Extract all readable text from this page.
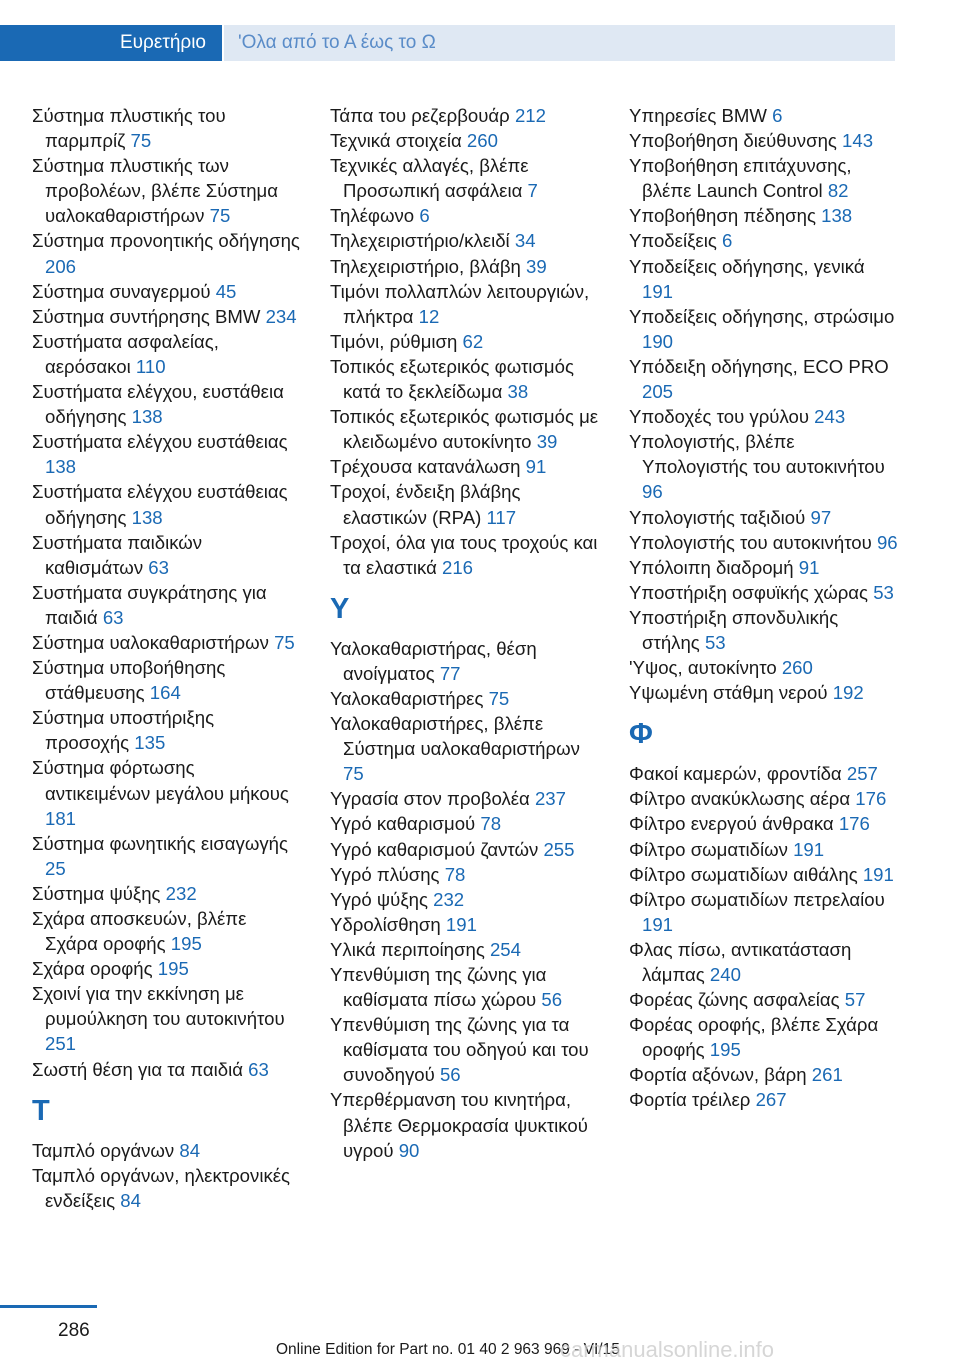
Ευρετήριο 'Ολα από το Α έως το Ω
Σύστημα πλυστικής του παρμπρίζ 75
Σύστημα πλυστικής των προβολέων, βλέπε Σύστημα υαλοκαθαριστήρων 75
Σύστημα προνοητικής οδήγησης 206
Σύστημα συναγερμού 45
Σύστημα συντήρησης BMW 234
Συστήματα ασφαλείας, αερόσακοι 110
Συστήματα ελέγχου, ευστάθεια οδήγησης 138
Συστήματα ελέγχου ευστάθειας 138
Συστήματα ελέγχου ευστάθειας οδήγησης 138
Συστήματα παιδικών καθισμάτων 63
Συστήματα συγκράτησης για παιδιά 63
Σύστημα υαλοκαθαριστήρων 75
Σύστημα υποβοήθησης στάθμευσης 164
Σύστημα υποστήριξης προσοχής 135
Σύστημα φόρτωσης αντικειμένων μεγάλου μήκους 181
Σύστημα φωνητικής εισαγωγής 25
Σύστημα ψύξης 232
Σχάρα αποσκευών, βλέπε Σχάρα οροφής 195
Σχάρα οροφής 195
Σχοινί για την εκκίνηση με ρυμούλκηση του αυτοκινήτου 251
Σωστή θέση για τα παιδιά 63
Τ
Ταμπλό οργάνων 84
Ταμπλό οργάνων, ηλεκτρονικές ενδείξεις 84
Τάπα του ρεζερβουάρ 212
Τεχνικά στοιχεία 260
Τεχνικές αλλαγές, βλέπε Προσωπική ασφάλεια 7
Τηλέφωνο 6
Τηλεχειριστήριο/κλειδί 34
Τηλεχειριστήριο, βλάβη 39
Τιμόνι πολλαπλών λειτουργιών, πλήκτρα 12
Τιμόνι, ρύθμιση 62
Τοπικός εξωτερικός φωτισμός κατά το ξεκλείδωμα 38
Τοπικός εξωτερικός φωτισμός με κλειδωμένο αυτοκίνητο 39
Τρέχουσα κατανάλωση 91
Τροχοί, ένδειξη βλάβης ελαστικών (RPA) 117
Τροχοί, όλα για τους τροχούς και τα ελαστικά 216
Υ
Υαλοκαθαριστήρας, θέση ανοίγματος 77
Υαλοκαθαριστήρες 75
Υαλοκαθαριστήρες, βλέπε Σύστημα υαλοκαθαριστήρων 75
Υγρασία στον προβολέα 237
Υγρό καθαρισμού 78
Υγρό καθαρισμού ζαντών 255
Υγρό πλύσης 78
Υγρό ψύξης 232
Υδρολίσθηση 191
Υλικά περιποίησης 254
Υπενθύμιση της ζώνης για καθίσματα πίσω χώρου 56
Υπενθύμιση της ζώνης για τα καθίσματα του οδηγού και του συνοδηγού 56
Υπερθέρμανση του κινητήρα, βλέπε Θερμοκρασία ψυκτικού υγρού 90
Υπηρεσίες BMW 6
Υποβοήθηση διεύθυνσης 143
Υποβοήθηση επιτάχυνσης, βλέπε Launch Control 82
Υποβοήθηση πέδησης 138
Υποδείξεις 6
Υποδείξεις οδήγησης, γενικά 191
Υποδείξεις οδήγησης, στρώσιμο 190
Υπόδειξη οδήγησης, ECO PRO 205
Υποδοχές του γρύλου 243
Υπολογιστής, βλέπε Υπολογιστής του αυτοκινήτου 96
Υπολογιστής ταξιδιού 97
Υπολογιστής του αυτοκινήτου 96
Υπόλοιπη διαδρομή 91
Υποστήριξη οσφυϊκής χώρας 53
Υποστήριξη σπονδυλικής στήλης 53
'Υψος, αυτοκίνητο 260
Υψωμένη στάθμη νερού 192
Φ
Φακοί καμερών, φροντίδα 257
Φίλτρο ανακύκλωσης αέρα 176
Φίλτρο ενεργού άνθρακα 176
Φίλτρο σωματιδίων 191
Φίλτρο σωματιδίων αιθάλης 191
Φίλτρο σωματιδίων πετρελαίου 191
Φλας πίσω, αντικατάσταση λάμπας 240
Φορέας ζώνης ασφαλείας 57
Φορέας οροφής, βλέπε Σχάρα οροφής 195
Φορτία αξόνων, βάρη 261
Φορτία τρέιλερ 267
286
Online Edition for Part no. 01 40 2 963 969 - VI/15
carmanualsonline.info
